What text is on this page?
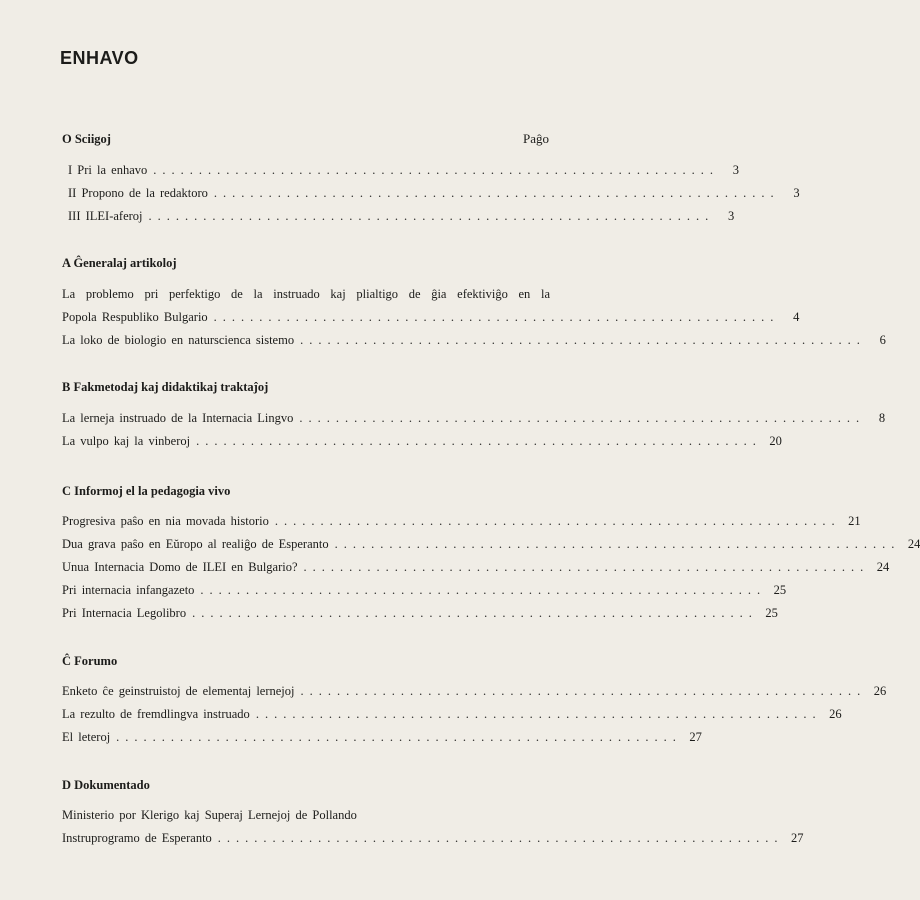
ENHAVO
Paĝo
O Sciigoj
I Pri la enhavo ..............................................................	3
II Propono de la redaktoro ..............................................................	3
III ILEI-aferoj ..............................................................	3
A Ĝeneralaj artikoloj
La problemo pri perfektigo de la instruado kaj plialtigo de ĝia efektiviĝo en la
Popola Respubliko Bulgario ..............................................................	4
La loko de biologio en naturscienca sistemo ..............................................................	6
B Fakmetodaj kaj didaktikaj traktaĵoj
La lerneja instruado de la Internacia Lingvo ..............................................................	8
La vulpo kaj la vinberoj .............................................................. 20
C Informoj el la pedagogia vivo
Progresiva paŝo en nia movada historio .............................................................. 21
Dua grava paŝo en Eŭropo al realiĝo de Esperanto .............................................................. 24
Unua Internacia Domo de ILEI en Bulgario? .............................................................. 24
Pri internacia infangazeto .............................................................. 25
Pri Internacia Legolibro .............................................................. 25
Ĉ Forumo
Enketo ĉe geinstruistoj de elementaj lernejoj .............................................................. 26
La rezulto de fremdlingva instruado .............................................................. 26
El leteroj .............................................................. 27
D Dokumentado
Ministerio por Klerigo kaj Superaj Lernejoj de Pollando
Instruprogramo de Esperanto .............................................................. 27
